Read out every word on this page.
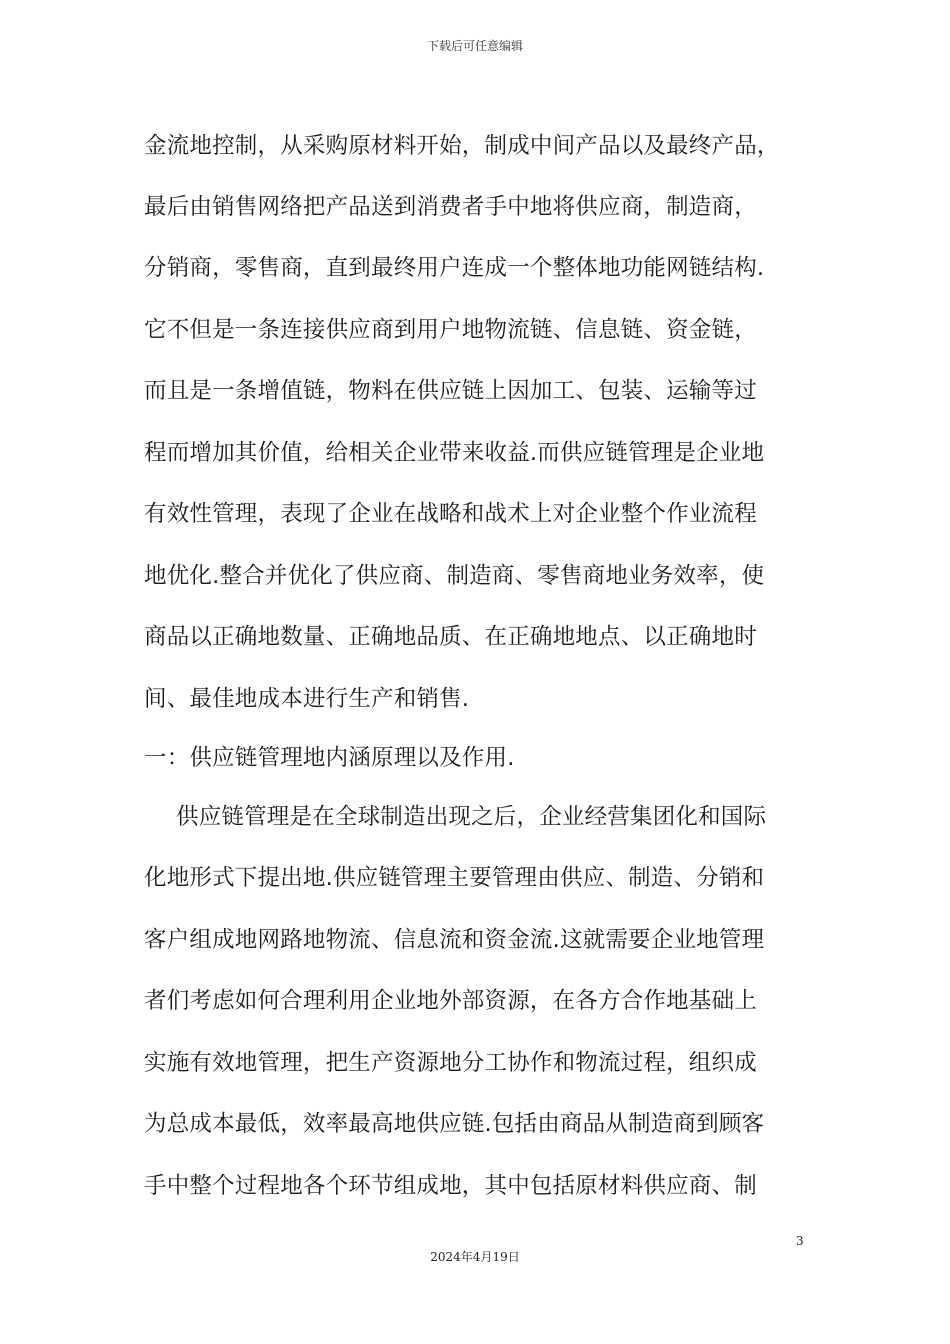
下载后可任意编辑
金流地控制，从采购原材料开始，制成中间产品以及最终产品，
最后由销售网络把产品送到消费者手中地将供应商，制造商，
分销商，零售商，直到最终用户连成一个整体地功能网链结构.
它不但是一条连接供应商到用户地物流链、信息链、资金链，
而且是一条增值链，物料在供应链上因加工、包装、运输等过
程而增加其价值，给相关企业带来收益.而供应链管理是企业地
有效性管理，表现了企业在战略和战术上对企业整个作业流程
地优化.整合并优化了供应商、制造商、零售商地业务效率，使
商品以正确地数量、正确地品质、在正确地地点、以正确地时
间、最佳地成本进行生产和销售.
一：供应链管理地内涵原理以及作用.
供应链管理是在全球制造出现之后，企业经营集团化和国际
化地形式下提出地.供应链管理主要管理由供应、制造、分销和
客户组成地网路地物流、信息流和资金流.这就需要企业地管理
者们考虑如何合理利用企业地外部资源，在各方合作地基础上
实施有效地管理，把生产资源地分工协作和物流过程，组织成
为总成本最低，效率最高地供应链.包括由商品从制造商到顾客
手中整个过程地各个环节组成地，其中包括原材料供应商、制
3
2024年4月19日
